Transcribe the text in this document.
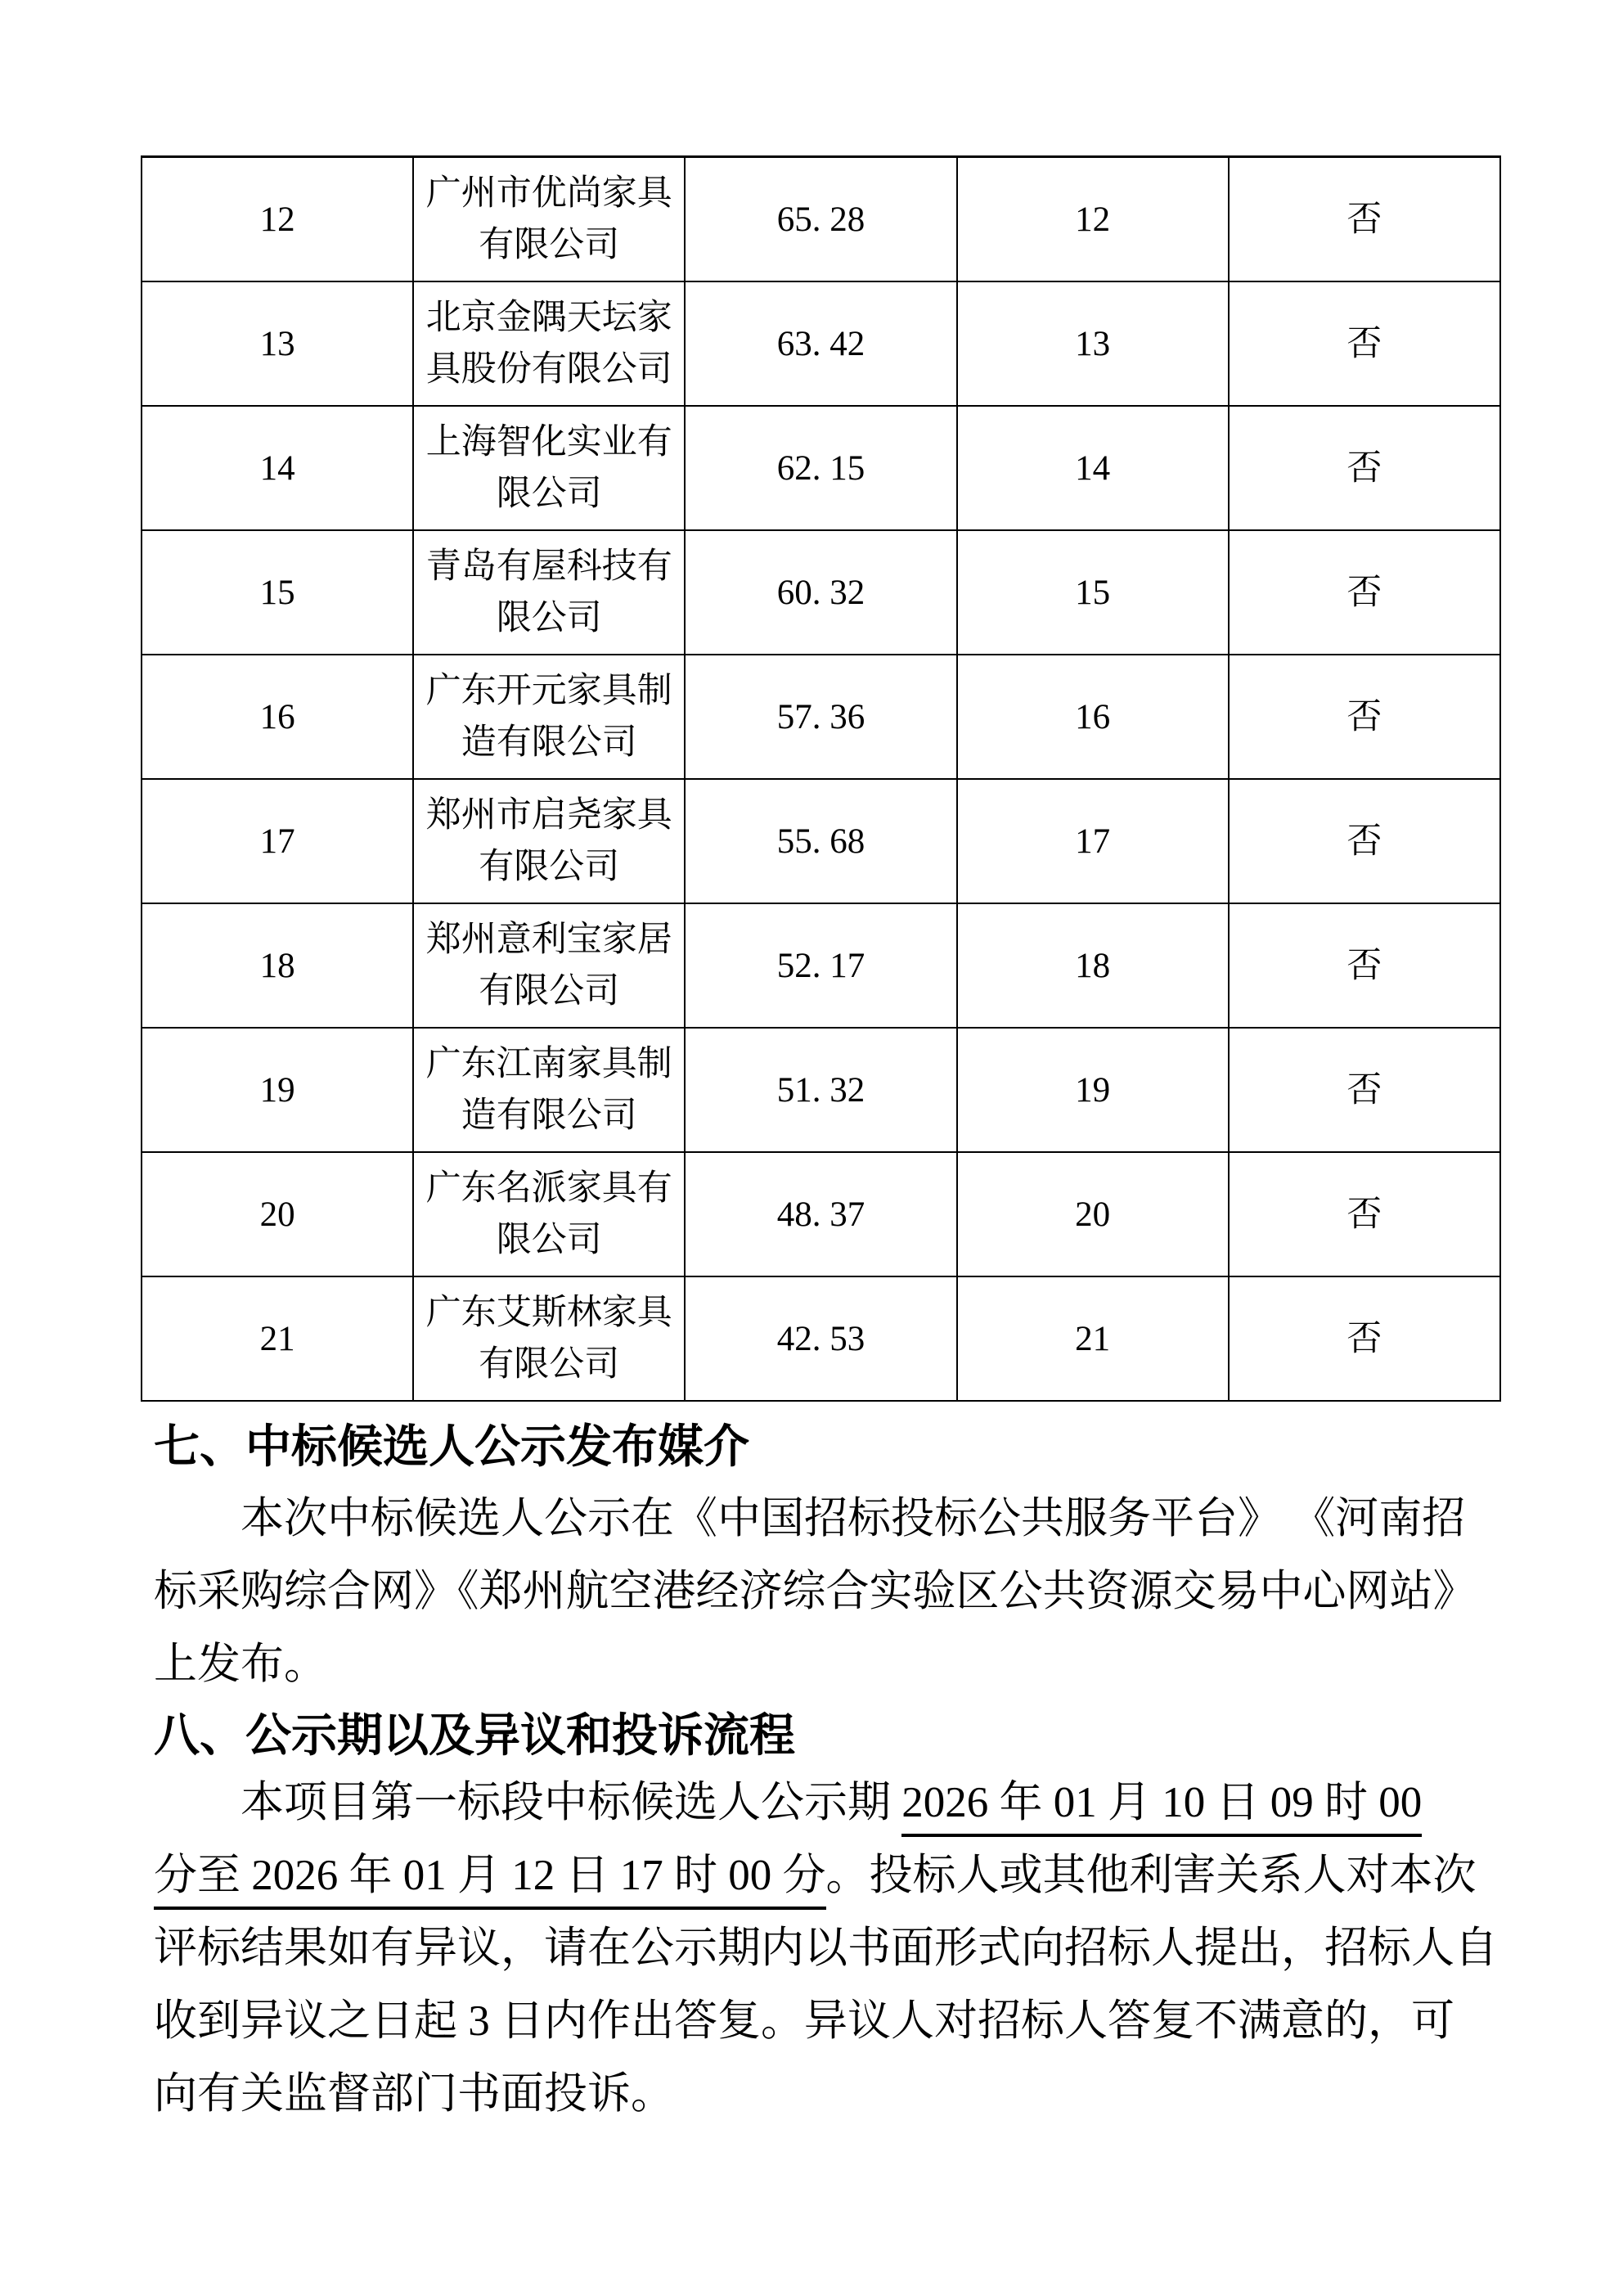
12	广州市优尚家具有限公司	65. 28	12	否
13	北京金隅天坛家具股份有限公司	63. 42	13	否
14	上海智化实业有限公司	62. 15	14	否
15	青岛有屋科技有限公司	60. 32	15	否
16	广东开元家具制造有限公司	57. 36	16	否
17	郑州市启尧家具有限公司	55. 68	17	否
18	郑州意利宝家居有限公司	52. 17	18	否
19	广东江南家具制造有限公司	51. 32	19	否
20	广东名派家具有限公司	48. 37	20	否
21	广东艾斯林家具有限公司	42. 53	21	否
七、中标候选人公示发布媒介
本次中标候选人公示在《中国招标投标公共服务平台》 《河南招
标采购综合网》《郑州航空港经济综合实验区公共资源交易中心网站》
上发布。
八、公示期以及异议和投诉流程
本项目第一标段中标候选人公示期 2026 年 01 月 10 日 09 时 00
分至 2026 年 01 月 12 日 17 时 00 分。投标人或其他利害关系人对本次
评标结果如有异议，请在公示期内以书面形式向招标人提出，招标人自
收到异议之日起 3 日内作出答复。异议人对招标人答复不满意的，可
向有关监督部门书面投诉。
